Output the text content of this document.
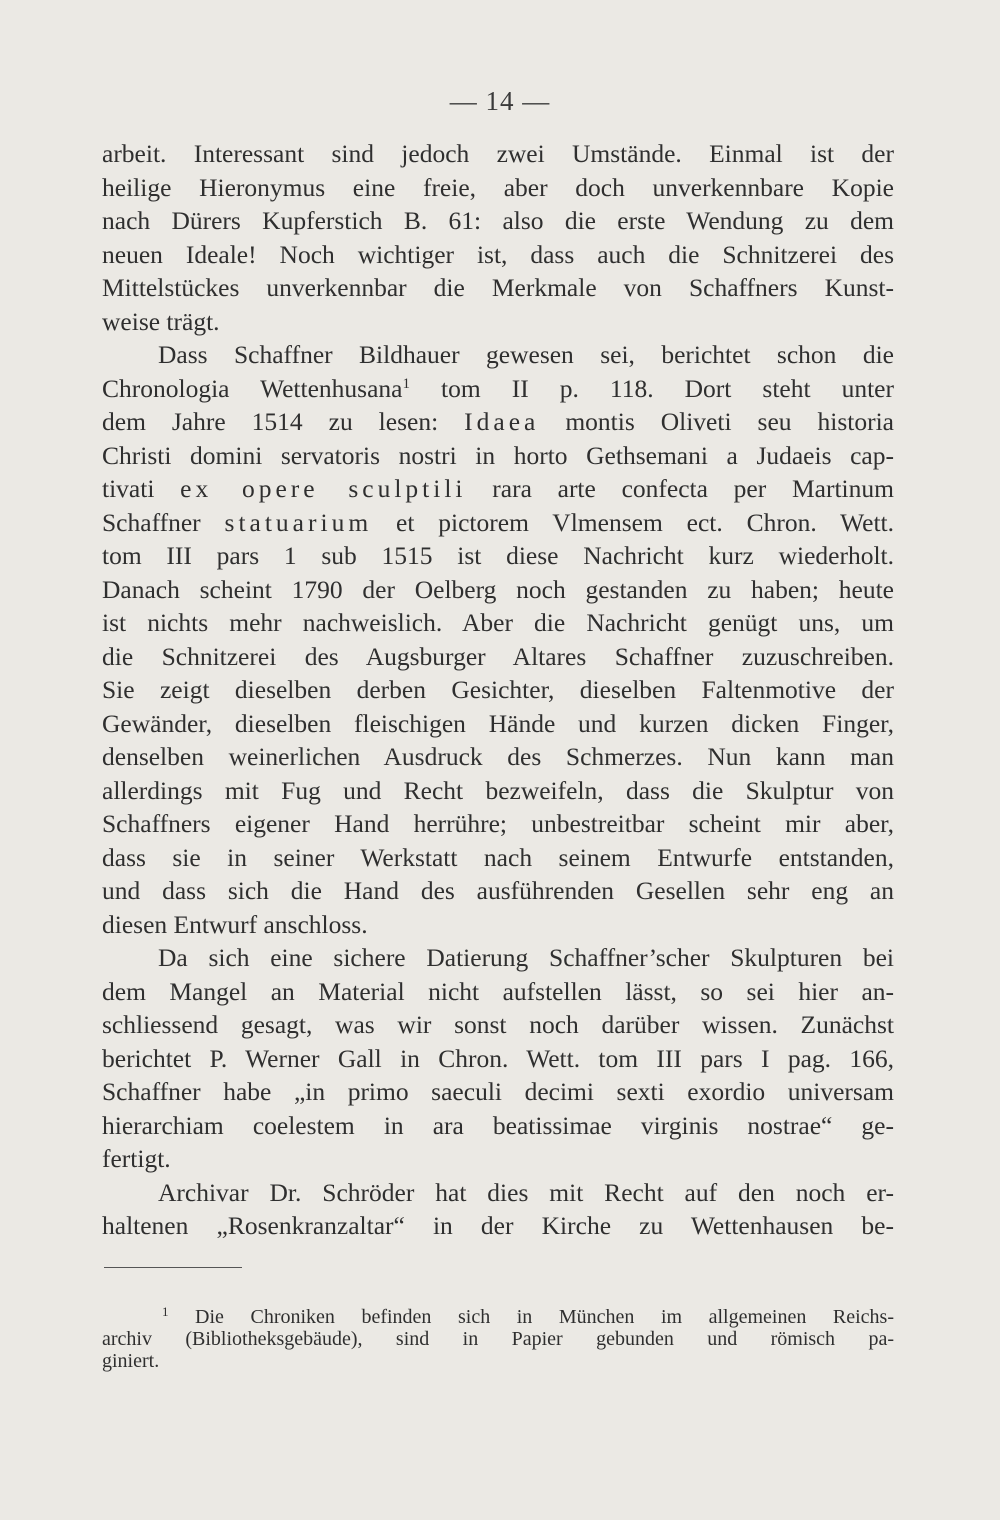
— 14 —
arbeit. Interessant sind jedoch zwei Umstände. Einmal ist der
heilige Hieronymus eine freie, aber doch unverkennbare Kopie
nach Dürers Kupferstich B. 61: also die erste Wendung zu dem
neuen Ideale! Noch wichtiger ist, dass auch die Schnitzerei des
Mittelstückes unverkennbar die Merkmale von Schaffners Kunst-
weise trägt.
Dass Schaffner Bildhauer gewesen sei, berichtet schon die
Chronologia Wettenhusana$^1$ tom II p. 118. Dort steht unter
dem Jahre 1514 zu lesen: Idaea montis Oliveti seu historia
Christi domini servatoris nostri in horto Gethsemani a Judaeis cap-
tivati ex opere sculptili rara arte confecta per Martinum
Schaffner statuarium et pictorem Vlmensem ect. Chron. Wett.
tom III pars 1 sub 1515 ist diese Nachricht kurz wiederholt.
Danach scheint 1790 der Oelberg noch gestanden zu haben; heute
ist nichts mehr nachweislich. Aber die Nachricht genügt uns, um
die Schnitzerei des Augsburger Altares Schaffner zuzuschreiben.
Sie zeigt dieselben derben Gesichter, dieselben Faltenmotive der
Gewänder, dieselben fleischigen Hände und kurzen dicken Finger,
denselben weinerlichen Ausdruck des Schmerzes. Nun kann man
allerdings mit Fug und Recht bezweifeln, dass die Skulptur von
Schaffners eigener Hand herrühre; unbestreitbar scheint mir aber,
dass sie in seiner Werkstatt nach seinem Entwurfe entstanden,
und dass sich die Hand des ausführenden Gesellen sehr eng an
diesen Entwurf anschloss.
Da sich eine sichere Datierung Schaffner’scher Skulpturen bei
dem Mangel an Material nicht aufstellen lässt, so sei hier an-
schliessend gesagt, was wir sonst noch darüber wissen. Zunächst
berichtet P. Werner Gall in Chron. Wett. tom III pars I pag. 166,
Schaffner habe „in primo saeculi decimi sexti exordio universam
hierarchiam coelestem in ara beatissimae virginis nostrae“ ge-
fertigt.
Archivar Dr. Schröder hat dies mit Recht auf den noch er-
haltenen „Rosenkranzaltar“ in der Kirche zu Wettenhausen be-
$^1$ Die Chroniken befinden sich in München im allgemeinen Reichs-
archiv (Bibliotheksgebäude), sind in Papier gebunden und römisch pa-
giniert.
